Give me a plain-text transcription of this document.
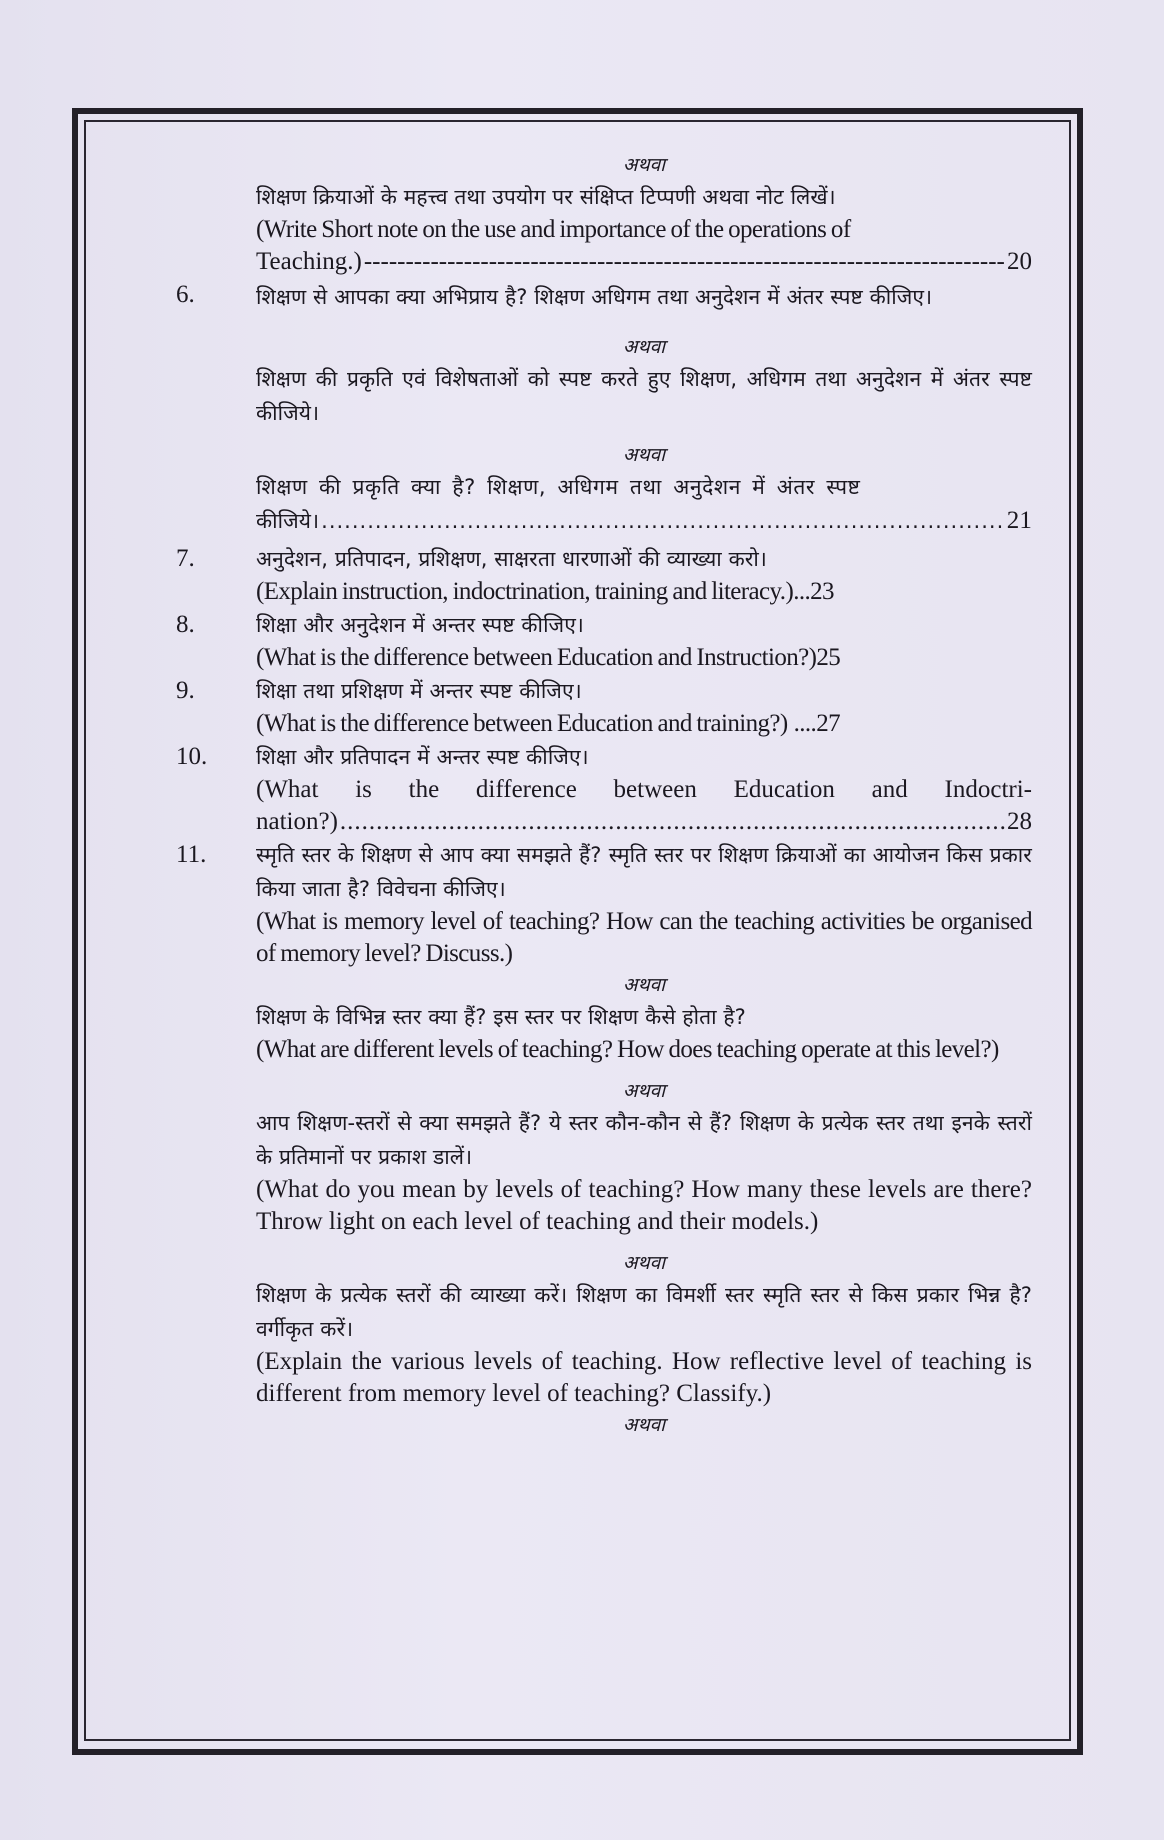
अथवा
शिक्षण क्रियाओं के महत्त्व तथा उपयोग पर संक्षिप्त टिप्पणी अथवा नोट लिखें।
(Write Short note on the use and importance of the operations of
Teaching.) -----	20
6.	शिक्षण से आपका क्या अभिप्राय है? शिक्षण अधिगम तथा अनुदेशन में अंतर स्पष्ट कीजिए।
अथवा
शिक्षण की प्रकृति एवं विशेषताओं को स्पष्ट करते हुए शिक्षण, अधिगम तथा अनुदेशन में अंतर स्पष्ट कीजिये।
अथवा
शिक्षण की प्रकृति क्या है? शिक्षण, अधिगम तथा अनुदेशन में अंतर स्पष्ट
कीजिये। .....	21
7.	अनुदेशन, प्रतिपादन, प्रशिक्षण, साक्षरता धारणाओं की व्याख्या करो।
(Explain instruction, indoctrination, training and literacy.) ... 23
8.	शिक्षा और अनुदेशन में अन्तर स्पष्ट कीजिए।
(What is the difference between Education and Instruction?) 25
9.	शिक्षा तथा प्रशिक्षण में अन्तर स्पष्ट कीजिए।
(What is the difference between Education and training?) .... 27
10. शिक्षा और प्रतिपादन में अन्तर स्पष्ट कीजिए।
(What is the difference between Education and Indoctri-
nation?) .....	28
11. स्मृति स्तर के शिक्षण से आप क्या समझते हैं? स्मृति स्तर पर शिक्षण क्रियाओं का आयोजन किस प्रकार किया जाता है? विवेचना कीजिए।
(What is memory level of teaching? How can the teaching activities be organised of memory level? Discuss.)
अथवा
शिक्षण के विभिन्न स्तर क्या हैं? इस स्तर पर शिक्षण कैसे होता है?
(What are different levels of teaching? How does teaching operate at this level?)
अथवा
आप शिक्षण-स्तरों से क्या समझते हैं? ये स्तर कौन-कौन से हैं? शिक्षण के प्रत्येक स्तर तथा इनके स्तरों के प्रतिमानों पर प्रकाश डालें।
(What do you mean by levels of teaching? How many these levels are there? Throw light on each level of teaching and their models.)
अथवा
शिक्षण के प्रत्येक स्तरों की व्याख्या करें। शिक्षण का विमर्शी स्तर स्मृति स्तर से किस प्रकार भिन्न है? वर्गीकृत करें।
(Explain the various levels of teaching. How reflective level of teaching is different from memory level of teaching? Classify.)
अथवा
